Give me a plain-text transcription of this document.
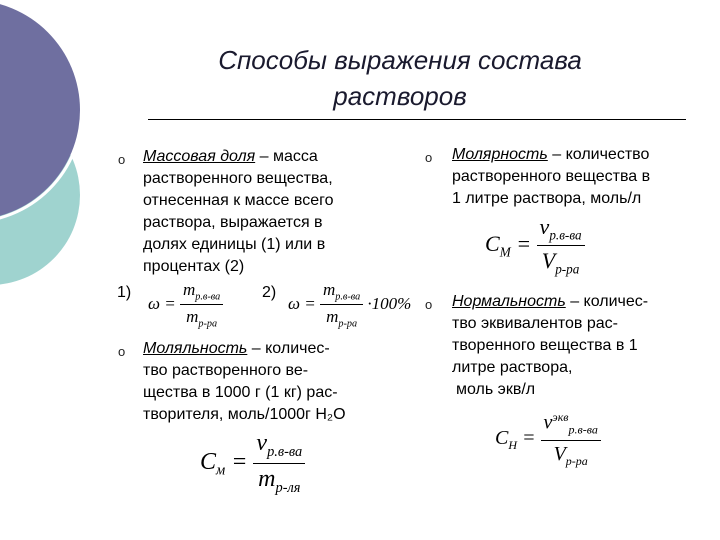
Способы выражения состава
растворов
o Массовая доля – масса
растворенного вещества,
отнесенная к массе всего
раствора, выражается в
долях единицы (1) или в
процентах (2)
1)
$\omega = \frac{m_{р.в-ва}}{m_{р-ра}} 2$)
$\omega = \frac{m_{р.в-ва}}{m_{р-ра}} \cdot 100\%$
o Моляльность – количес-
тво растворенного ве-
щества в 1000 г (1 кг) рас-
творителя, моль/1000г H₂O
$C_м = \frac{\nu_{р.в-ва}}{m_{р-ля}}$
o Молярность – количество
растворенного вещества в
1 литре раствора, моль/л
$C_M = \frac{\nu_{р.в-ва}}{V_{р-ра}}$
o Нормальность – количес-
тво эквивалентов рас-
творенного вещества в 1
литре раствора,
моль экв/л
$C_H = \frac{\nu^{экв}_{р.в-ва}}{V_{р-ра}}$
